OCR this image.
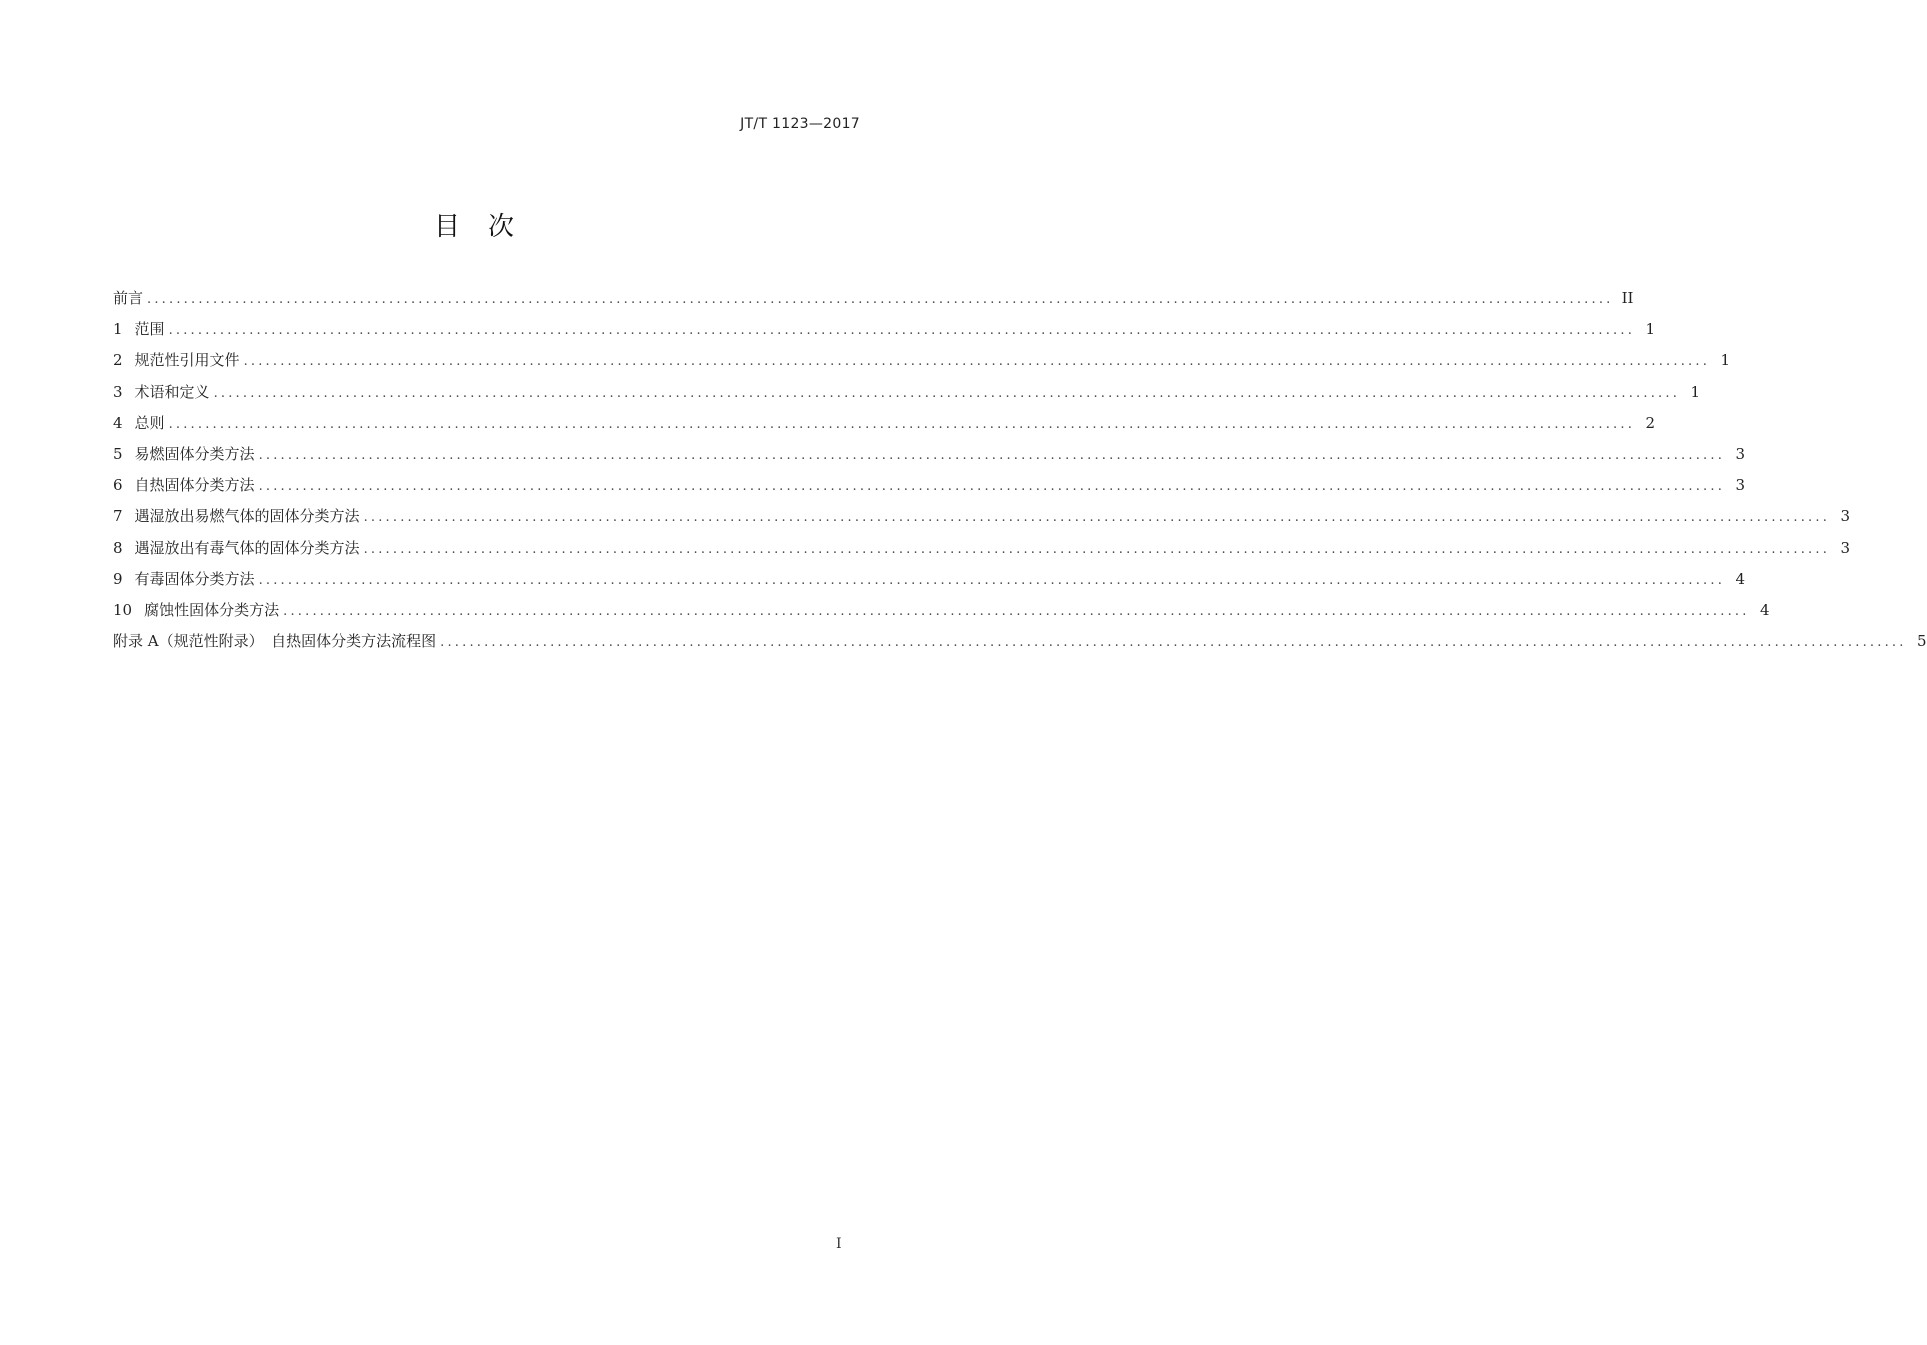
JT/T 1123—2017
目 次
前言 ........................................................................................................................................................................................................ II
1 范围 ........................................................................................................................................................................................................ 1
2 规范性引用文件 ........................................................................................................................................................................................................ 1
3 术语和定义 ........................................................................................................................................................................................................ 1
4 总则 ........................................................................................................................................................................................................ 2
5 易燃固体分类方法 ........................................................................................................................................................................................................ 3
6 自热固体分类方法 ........................................................................................................................................................................................................ 3
7 遇湿放出易燃气体的固体分类方法 ........................................................................................................................................................................................................ 3
8 遇湿放出有毒气体的固体分类方法 ........................................................................................................................................................................................................ 3
9 有毒固体分类方法 ........................................................................................................................................................................................................ 4
10 腐蚀性固体分类方法 ........................................................................................................................................................................................................ 4
附录 A（规范性附录）　自热固体分类方法流程图 ........................................................................................................................................................................................................ 5
I
